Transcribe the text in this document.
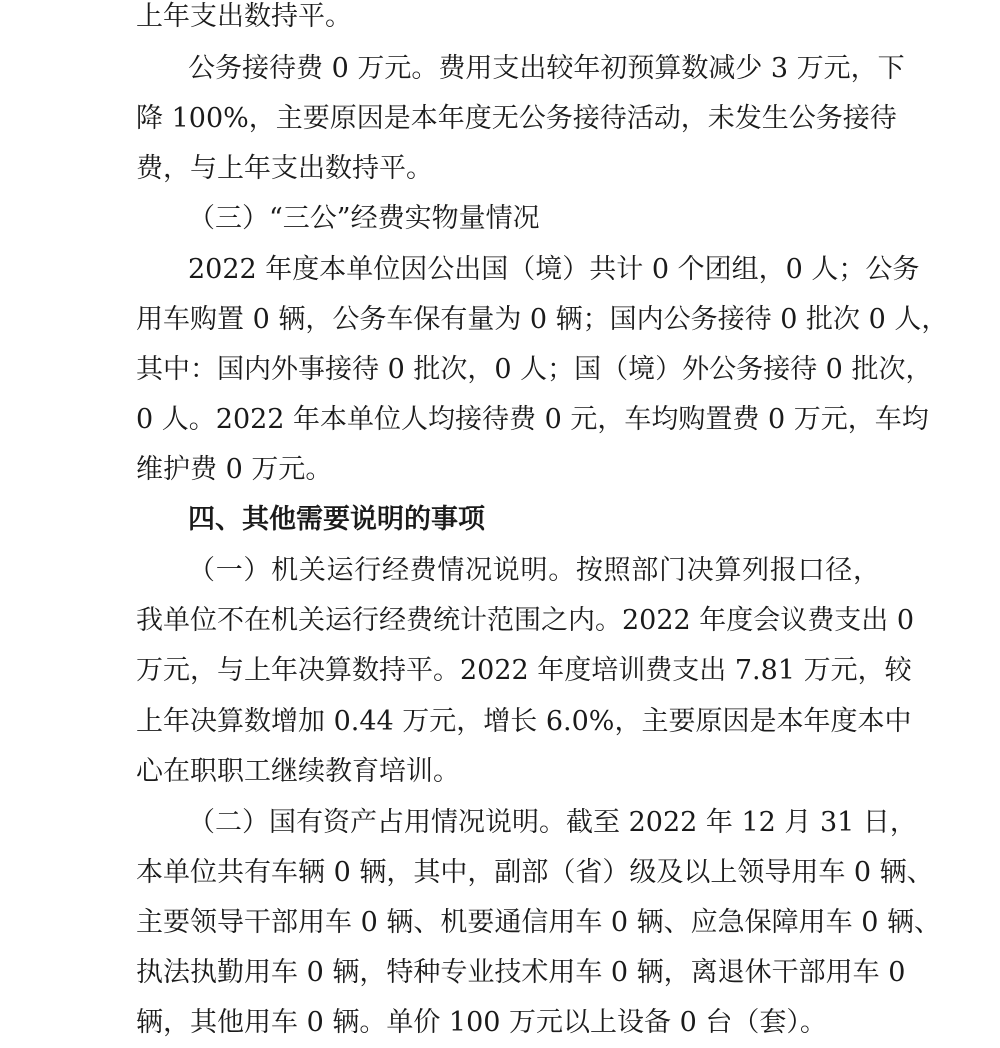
上年支出数持平。
公务接待费 0 万元。费用支出较年初预算数减少 3 万元，下
降 100%，主要原因是本年度无公务接待活动，未发生公务接待
费，与上年支出数持平。
（三）“三公”经费实物量情况
2022 年度本单位因公出国（境）共计 0 个团组，0 人；公务
用车购置 0 辆，公务车保有量为 0 辆；国内公务接待 0 批次 0 人，
其中：国内外事接待 0 批次，0 人；国（境）外公务接待 0 批次，
0 人。2022 年本单位人均接待费 0 元，车均购置费 0 万元，车均
维护费 0 万元。
四、其他需要说明的事项
（一）机关运行经费情况说明。按照部门决算列报口径，
我单位不在机关运行经费统计范围之内。2022 年度会议费支出 0
万元，与上年决算数持平。2022 年度培训费支出 7.81 万元，较
上年决算数增加 0.44 万元，增长 6.0%，主要原因是本年度本中
心在职职工继续教育培训。
（二）国有资产占用情况说明。截至 2022 年 12 月 31 日，
本单位共有车辆 0 辆，其中，副部（省）级及以上领导用车 0 辆、
主要领导干部用车 0 辆、机要通信用车 0 辆、应急保障用车 0 辆、
执法执勤用车 0 辆，特种专业技术用车 0 辆，离退休干部用车 0
辆，其他用车 0 辆。单价 100 万元以上设备 0 台（套）。
